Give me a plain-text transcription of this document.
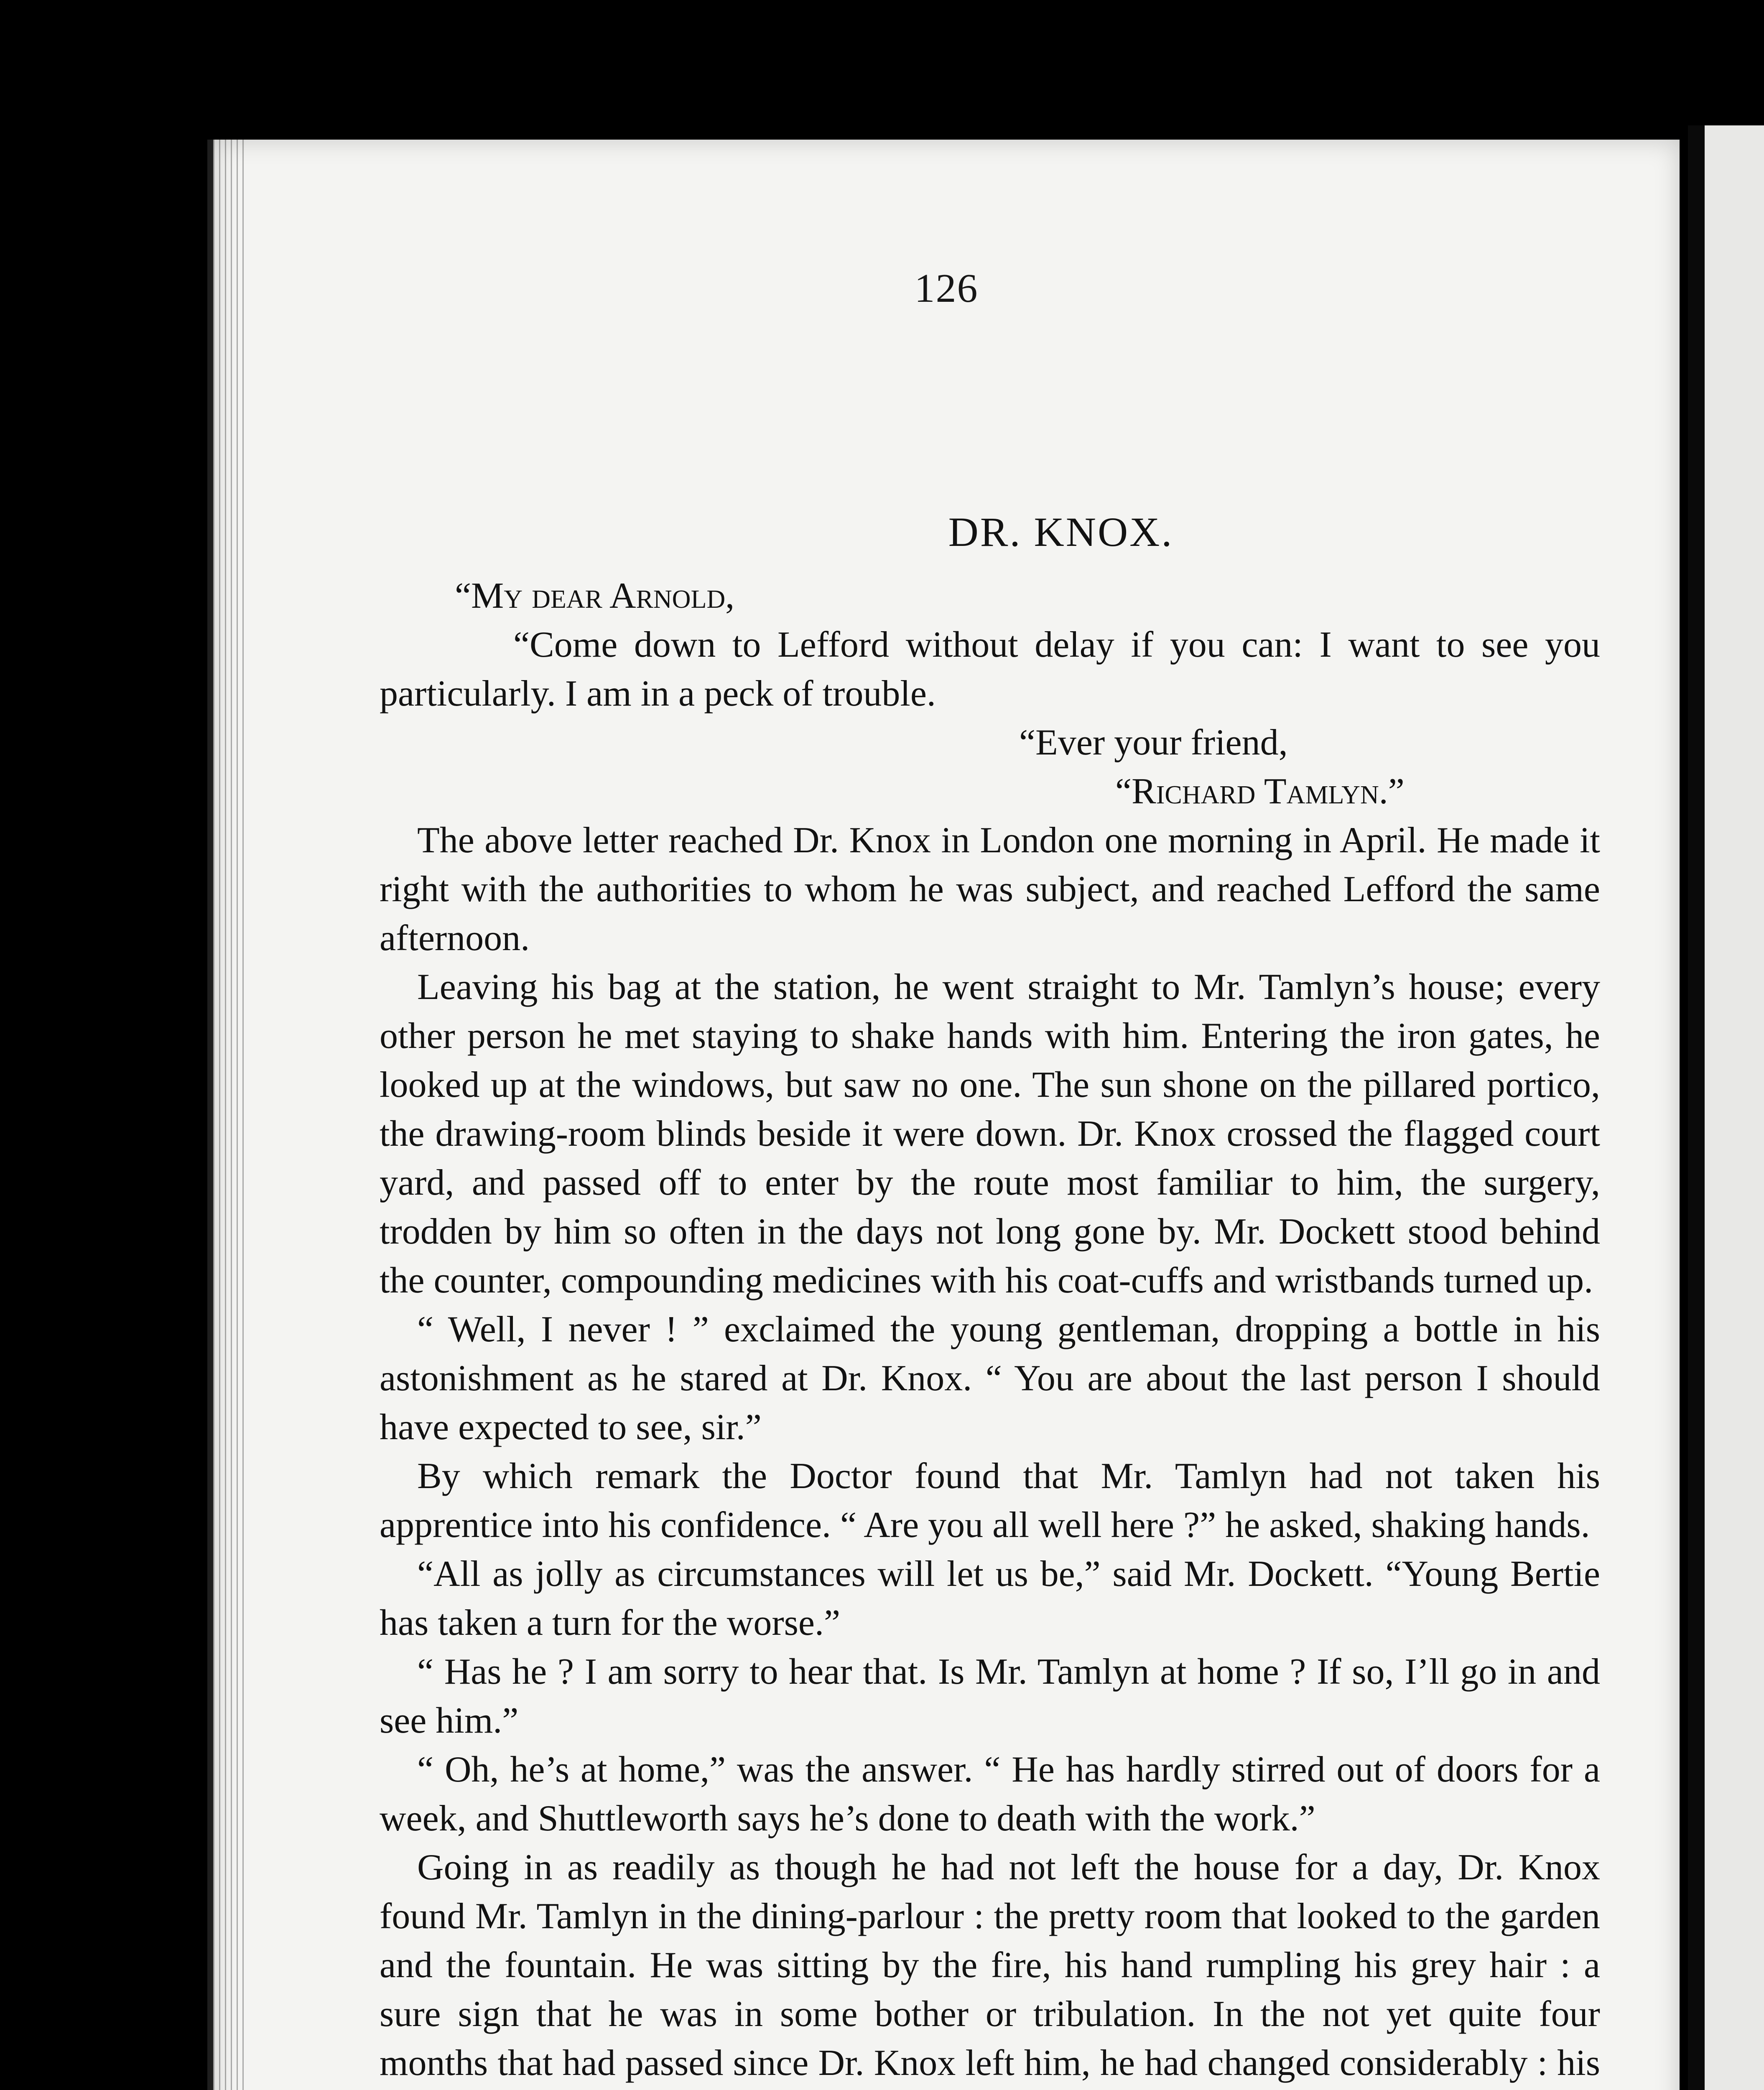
126
DR. KNOX.

“My dear Arnold,

“Come down to Lefford without delay if you can: I want to see you particularly. I am in a peck of trouble.

“Ever your friend,

“Richard Tamlyn.”

The above letter reached Dr. Knox in London one morning in April. He made it right with the authorities to whom he was subject, and reached Lefford the same afternoon.

Leaving his bag at the station, he went straight to Mr. Tamlyn’s house; every other person he met staying to shake hands with him. Entering the iron gates, he looked up at the windows, but saw no one. The sun shone on the pillared portico, the drawing-room blinds beside it were down. Dr. Knox crossed the flagged court yard, and passed off to enter by the route most familiar to him, the surgery, trodden by him so often in the days not long gone by. Mr. Dockett stood behind the counter, compounding medicines with his coat-cuffs and wristbands turned up.

“ Well, I never ! ” exclaimed the young gentleman, dropping a bottle in his astonishment as he stared at Dr. Knox. “ You are about the last person I should have expected to see, sir.”

By which remark the Doctor found that Mr. Tamlyn had not taken his apprentice into his confidence. “ Are you all well here ?” he asked, shaking hands.

“All as jolly as circumstances will let us be,” said Mr. Dockett. “Young Bertie has taken a turn for the worse.”

“ Has he ? I am sorry to hear that. Is Mr. Tamlyn at home ? If so, I’ll go in and see him.”

“ Oh, he’s at home,” was the answer. “ He has hardly stirred out of doors for a week, and Shuttleworth says he’s done to death with the work.”

Going in as readily as though he had not left the house for a day, Dr. Knox found Mr. Tamlyn in the dining-parlour : the pretty room that looked to the garden and the fountain. He was sitting by the fire, his hand rumpling his grey hair : a sure sign that he was in some bother or tribulation. In the not yet quite four months that had passed since Dr. Knox left him, he had changed considerably : his
